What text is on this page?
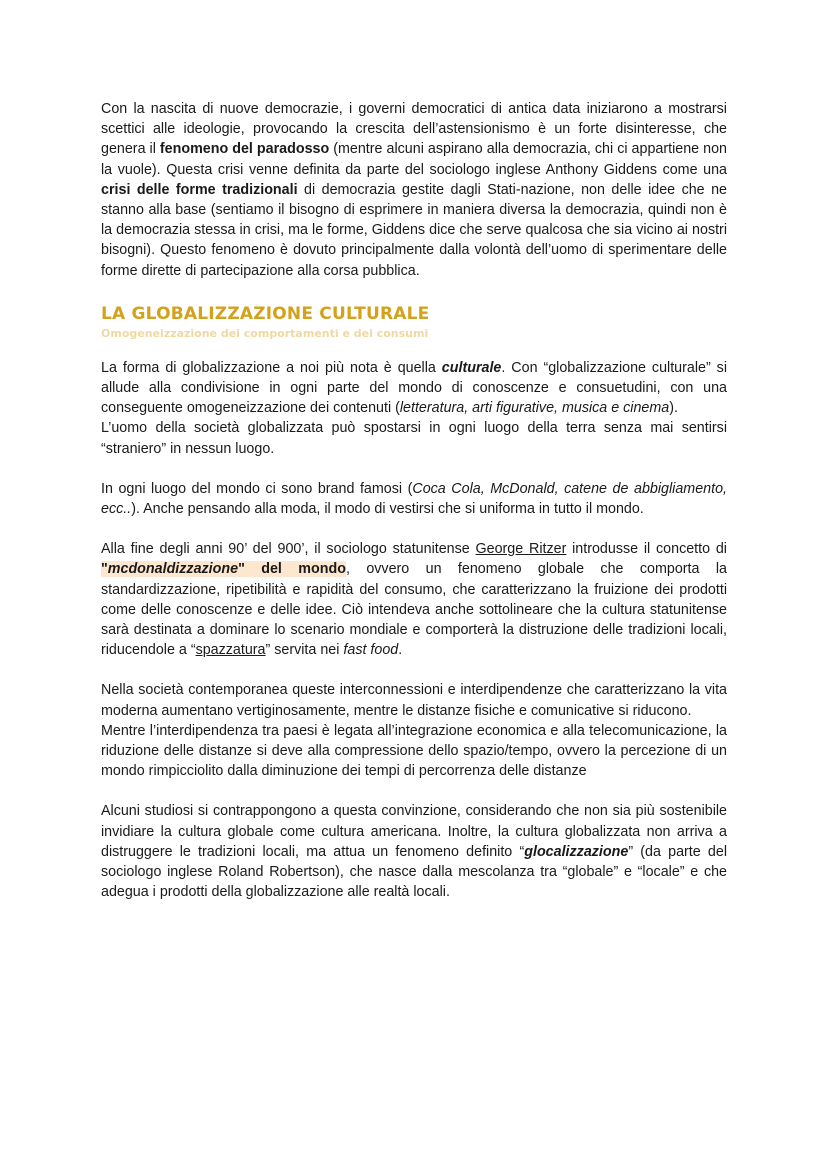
Con la nascita di nuove democrazie, i governi democratici di antica data iniziarono a mostrarsi scettici alle ideologie, provocando la crescita dell’astensionismo è un forte disinteresse, che genera il fenomeno del paradosso (mentre alcuni aspirano alla democrazia, chi ci appartiene non la vuole). Questa crisi venne definita da parte del sociologo inglese Anthony Giddens come una crisi delle forme tradizionali di democrazia gestite dagli Stati-nazione, non delle idee che ne stanno alla base (sentiamo il bisogno di esprimere in maniera diversa la democrazia, quindi non è la democrazia stessa in crisi, ma le forme, Giddens dice che serve qualcosa che sia vicino ai nostri bisogni). Questo fenomeno è dovuto principalmente dalla volontà dell’uomo di sperimentare delle forme dirette di partecipazione alla corsa pubblica.

LA GLOBALIZZAZIONE CULTURALE
Omogeneizzazione dei comportamenti e dei consumi

La forma di globalizzazione a noi più nota è quella culturale. Con “globalizzazione culturale” si allude alla condivisione in ogni parte del mondo di conoscenze e consuetudini, con una conseguente omogeneizzazione dei contenuti (letteratura, arti figurative, musica e cinema).
L’uomo della società globalizzata può spostarsi in ogni luogo della terra senza mai sentirsi “straniero” in nessun luogo.

In ogni luogo del mondo ci sono brand famosi (Coca Cola, McDonald, catene de abbigliamento, ecc..). Anche pensando alla moda, il modo di vestirsi che si uniforma in tutto il mondo.

Alla fine degli anni 90’ del 900’, il sociologo statunitense George Ritzer introdusse il concetto di "mcdonaldizzazione" del mondo, ovvero un fenomeno globale che comporta la standardizzazione, ripetibilità e rapidità del consumo, che caratterizzano la fruizione dei prodotti come delle conoscenze e delle idee. Ciò intendeva anche sottolineare che la cultura statunitense sarà destinata a dominare lo scenario mondiale e comporterà la distruzione delle tradizioni locali, riducendole a “spazzatura” servita nei fast food.

Nella società contemporanea queste interconnessioni e interdipendenze che caratterizzano la vita moderna aumentano vertiginosamente, mentre le distanze fisiche e comunicative si riducono.
Mentre l’interdipendenza tra paesi è legata all’integrazione economica e alla telecomunicazione, la riduzione delle distanze si deve alla compressione dello spazio/tempo, ovvero la percezione di un mondo rimpicciolito dalla diminuzione dei tempi di percorrenza delle distanze

Alcuni studiosi si contrappongono a questa convinzione, considerando che non sia più sostenibile invidiare la cultura globale come cultura americana. Inoltre, la cultura globalizzata non arriva a distruggere le tradizioni locali, ma attua un fenomeno definito “glocalizzazione” (da parte del sociologo inglese Roland Robertson), che nasce dalla mescolanza tra “globale” e “locale” e che adegua i prodotti della globalizzazione alle realtà locali.
